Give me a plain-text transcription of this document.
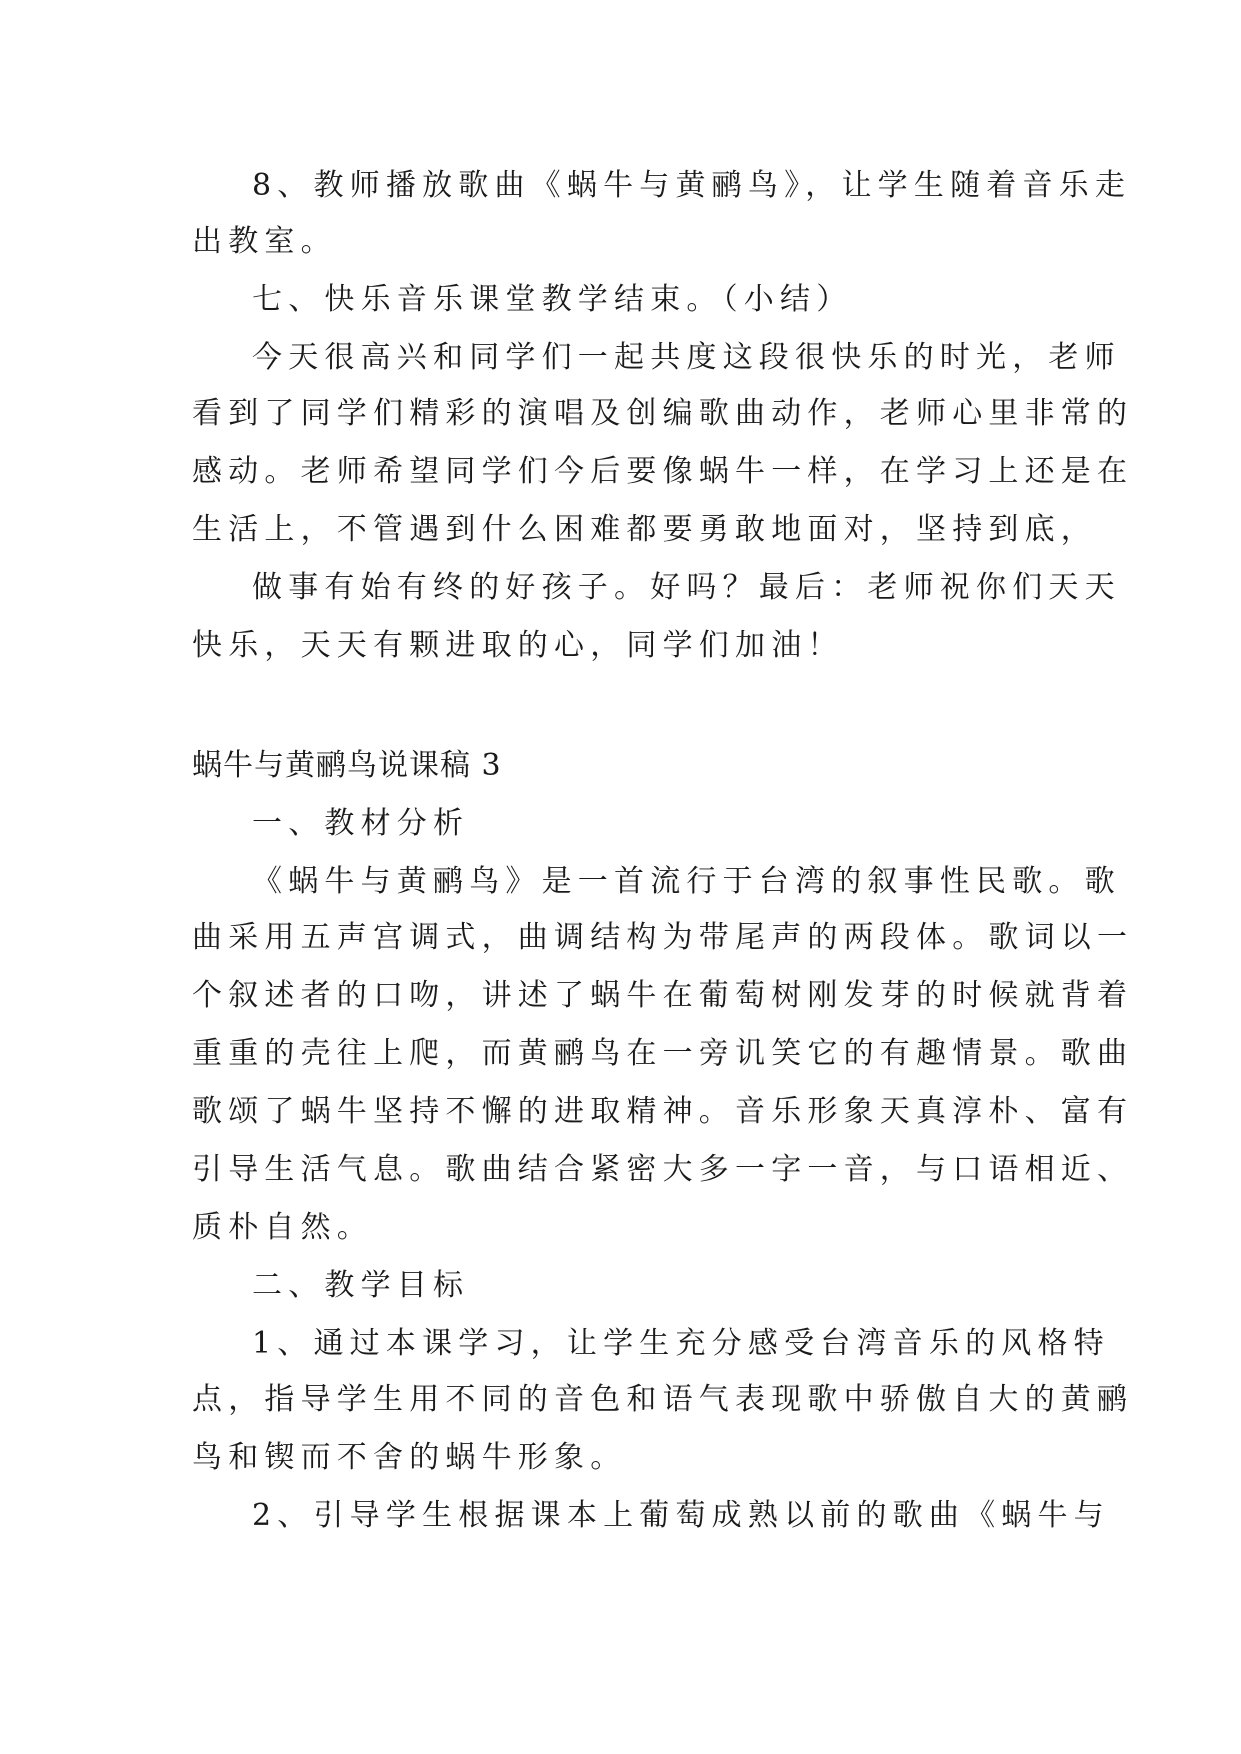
8、教师播放歌曲《蜗牛与黄鹂鸟》，让学生随着音乐走
出教室。
七、快乐音乐课堂教学结束。（小结）
今天很高兴和同学们一起共度这段很快乐的时光，老师
看到了同学们精彩的演唱及创编歌曲动作，老师心里非常的
感动。老师希望同学们今后要像蜗牛一样，在学习上还是在
生活上，不管遇到什么困难都要勇敢地面对，坚持到底，
做事有始有终的好孩子。好吗？最后：老师祝你们天天
快乐，天天有颗进取的心，同学们加油！
蜗牛与黄鹂鸟说课稿 3
一、教材分析
《蜗牛与黄鹂鸟》是一首流行于台湾的叙事性民歌。歌
曲采用五声宫调式，曲调结构为带尾声的两段体。歌词以一
个叙述者的口吻，讲述了蜗牛在葡萄树刚发芽的时候就背着
重重的壳往上爬，而黄鹂鸟在一旁讥笑它的有趣情景。歌曲
歌颂了蜗牛坚持不懈的进取精神。音乐形象天真淳朴、富有
引导生活气息。歌曲结合紧密大多一字一音，与口语相近、
质朴自然。
二、教学目标
1、通过本课学习，让学生充分感受台湾音乐的风格特
点，指导学生用不同的音色和语气表现歌中骄傲自大的黄鹂
鸟和锲而不舍的蜗牛形象。
2、引导学生根据课本上葡萄成熟以前的歌曲《蜗牛与
